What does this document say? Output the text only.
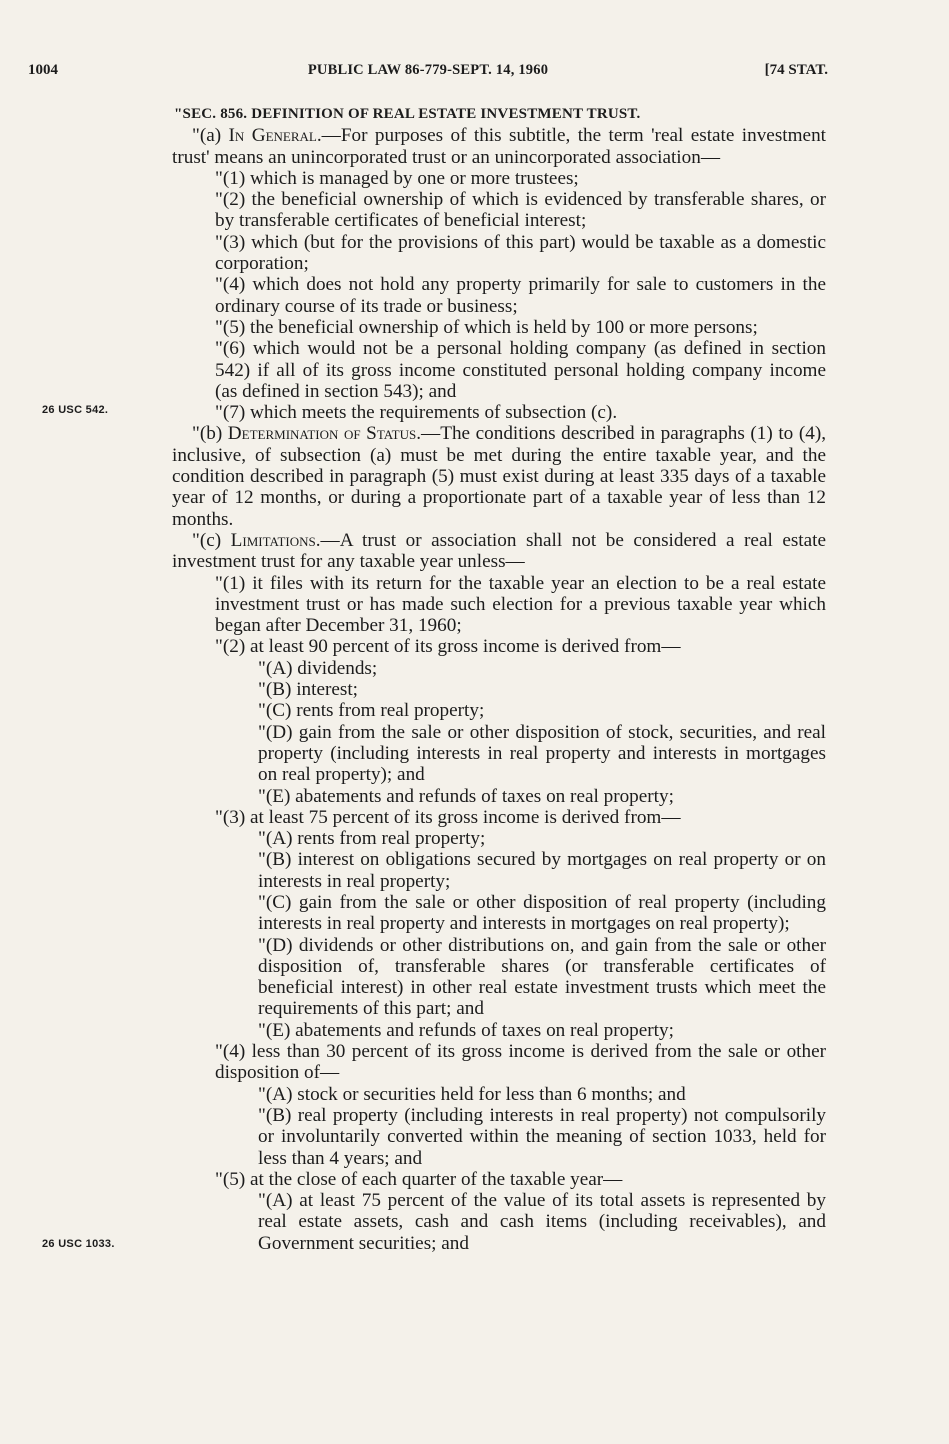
1004	PUBLIC LAW 86-779-SEPT. 14, 1960	[74 STAT.
26 USC 542.
26 USC 1033.

"SEC. 856. DEFINITION OF REAL ESTATE INVESTMENT TRUST.

"(a) In General.—For purposes of this subtitle, the term 'real estate investment trust' means an unincorporated trust or an unincorporated association—

"(1) which is managed by one or more trustees;

"(2) the beneficial ownership of which is evidenced by transferable shares, or by transferable certificates of beneficial interest;

"(3) which (but for the provisions of this part) would be taxable as a domestic corporation;

"(4) which does not hold any property primarily for sale to customers in the ordinary course of its trade or business;

"(5) the beneficial ownership of which is held by 100 or more persons;

"(6) which would not be a personal holding company (as defined in section 542) if all of its gross income constituted personal holding company income (as defined in section 543); and

"(7) which meets the requirements of subsection (c).

"(b) Determination of Status.—The conditions described in paragraphs (1) to (4), inclusive, of subsection (a) must be met during the entire taxable year, and the condition described in paragraph (5) must exist during at least 335 days of a taxable year of 12 months, or during a proportionate part of a taxable year of less than 12 months.

"(c) Limitations.—A trust or association shall not be considered a real estate investment trust for any taxable year unless—

"(1) it files with its return for the taxable year an election to be a real estate investment trust or has made such election for a previous taxable year which began after December 31, 1960;

"(2) at least 90 percent of its gross income is derived from—

"(A) dividends;

"(B) interest;

"(C) rents from real property;

"(D) gain from the sale or other disposition of stock, securities, and real property (including interests in real property and interests in mortgages on real property); and

"(E) abatements and refunds of taxes on real property;

"(3) at least 75 percent of its gross income is derived from—

"(A) rents from real property;

"(B) interest on obligations secured by mortgages on real property or on interests in real property;

"(C) gain from the sale or other disposition of real property (including interests in real property and interests in mortgages on real property);

"(D) dividends or other distributions on, and gain from the sale or other disposition of, transferable shares (or transferable certificates of beneficial interest) in other real estate investment trusts which meet the requirements of this part; and

"(E) abatements and refunds of taxes on real property;

"(4) less than 30 percent of its gross income is derived from the sale or other disposition of—

"(A) stock or securities held for less than 6 months; and

"(B) real property (including interests in real property) not compulsorily or involuntarily converted within the meaning of section 1033, held for less than 4 years; and

"(5) at the close of each quarter of the taxable year—

"(A) at least 75 percent of the value of its total assets is represented by real estate assets, cash and cash items (including receivables), and Government securities; and
